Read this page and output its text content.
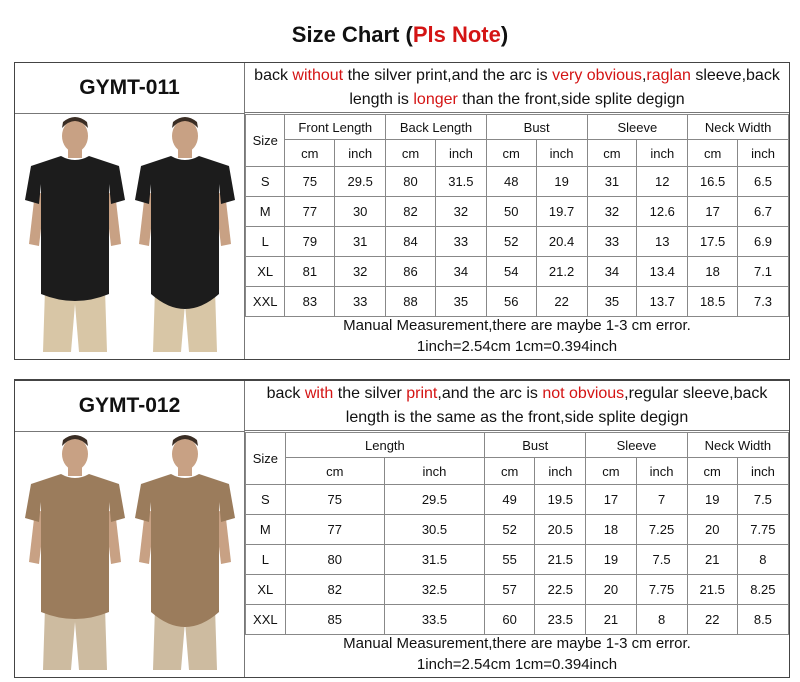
Size Chart (Pls Note)
GYMT-011
back without the silver print,and the arc is very obvious,raglan sleeve,back length is longer than the front,side splite degign
Size	Front Length		Back Length		Bust		Sleeve		Neck Width	
	cm	inch	cm	inch	cm	inch	cm	inch	cm	inch
S	75	29.5	80	31.5	48	19	31	12	16.5	6.5
M	77	30	82	32	50	19.7	32	12.6	17	6.7
L	79	31	84	33	52	20.4	33	13	17.5	6.9
XL	81	32	86	34	54	21.2	34	13.4	18	7.1
XXL	83	33	88	35	56	22	35	13.7	18.5	7.3
Manual Measurement,there are maybe 1-3 cm error.
1inch=2.54cm 1cm=0.394inch
GYMT-012
back with the silver print,and the arc is not obvious,regular sleeve,back length is the same as the front,side splite degign
Size	Length		Bust		Sleeve		Neck Width	
	cm	inch	cm	inch	cm	inch	cm	inch
S	75	29.5	49	19.5	17	7	19	7.5
M	77	30.5	52	20.5	18	7.25	20	7.75
L	80	31.5	55	21.5	19	7.5	21	8
XL	82	32.5	57	22.5	20	7.75	21.5	8.25
XXL	85	33.5	60	23.5	21	8	22	8.5
Manual Measurement,there are maybe 1-3 cm error.
1inch=2.54cm 1cm=0.394inch
